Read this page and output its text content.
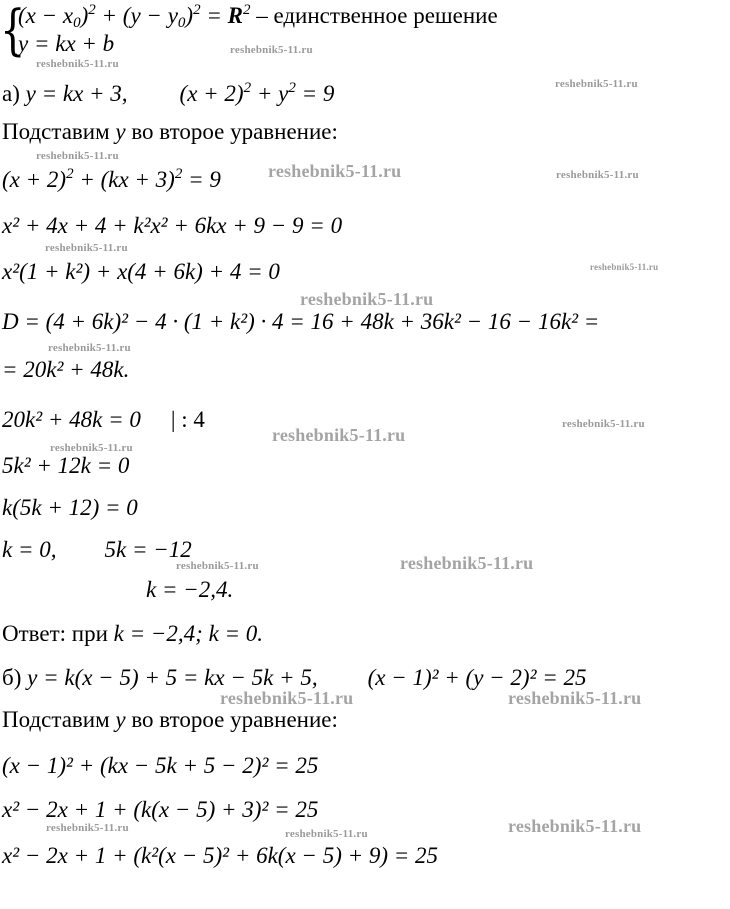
{
$(x - x_0)^2 + (y - y_0)^2 = R^2$ – единственное решение
y = kx + b
а) y = kx + 3, $(x + 2)^2 + y^2 = 9$
Подставим y во второе уравнение:
$(x + 2)^2 + (kx + 3)^2 = 9$
x² + 4x + 4 + k²x² + 6kx + 9 − 9 = 0
x²(1 + k²) + x(4 + 6k) + 4 = 0
D = (4 + 6k)² − 4 · (1 + k²) · 4 = 16 + 48k + 36k² − 16 − 16k² =
= 20k² + 48k.
20k² + 48k = 0 | : 4
5k² + 12k = 0
k(5k + 12) = 0
k = 0, 5k = −12
k = −2,4.
Ответ: при k = −2,4; k = 0.
б) y = k(x − 5) + 5 = kx − 5k + 5, (x − 1)² + (y − 2)² = 25
Подставим y во второе уравнение:
(x − 1)² + (kx − 5k + 5 − 2)² = 25
x² − 2x + 1 + (k(x − 5) + 3)² = 25
x² − 2x + 1 + (k²(x − 5)² + 6k(x − 5) + 9) = 25
reshebnik5-11.ru
reshebnik5-11.ru
reshebnik5-11.ru
reshebnik5-11.ru
reshebnik5-11.ru	reshebnik5-11.ru
reshebnik5-11.ru
reshebnik5-11.ru
reshebnik5-11.ru
reshebnik5-11.ru
reshebnik5-11.ru
reshebnik5-11.ru
reshebnik5-11.ru
reshebnik5-11.ru	reshebnik5-11.ru
reshebnik5-11.ru	reshebnik5-11.ru
reshebnik5-11.ru	reshebnik5-11.ru	reshebnik5-11.ru
